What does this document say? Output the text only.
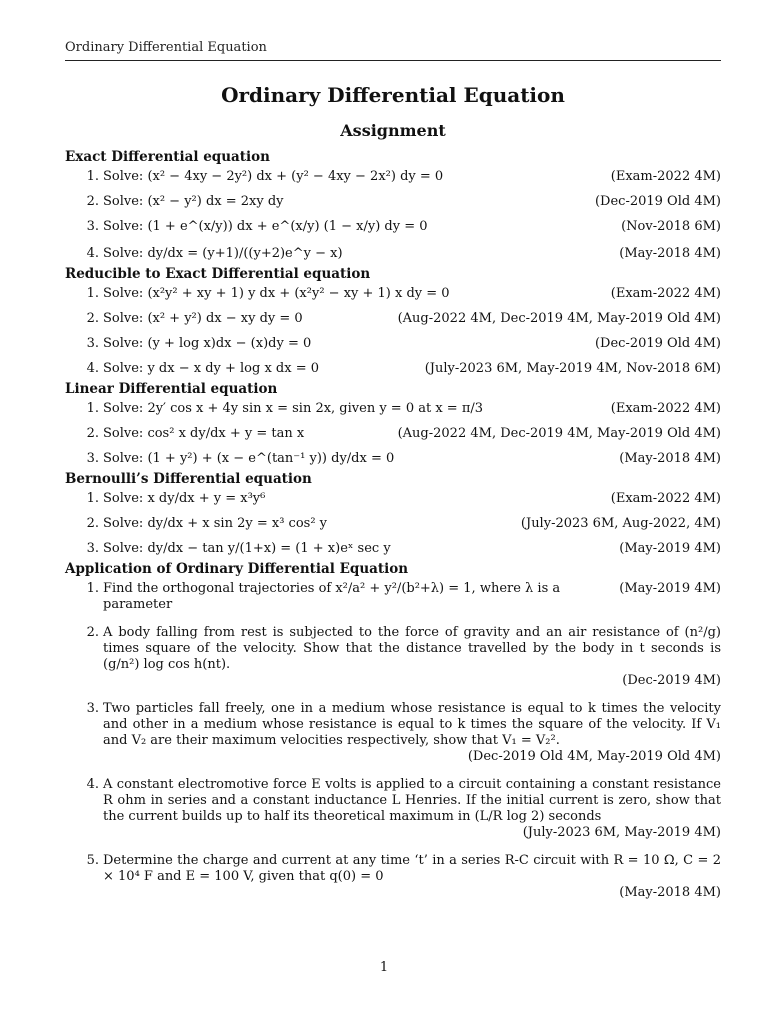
Ordinary Differential Equation
Ordinary Differential Equation
Assignment
Exact Differential equation
1. Solve: (x² − 4xy − 2y²) dx + (y² − 4xy − 2x²) dy = 0	(Exam-2022 4M)
2. Solve: (x² − y²) dx = 2xy dy	(Dec-2019 Old 4M)
3. Solve: (1 + e^(x/y)) dx + e^(x/y) (1 − x/y) dy = 0	(Nov-2018 6M)
4. Solve: dy/dx = (y+1)/((y+2)e^y − x)	(May-2018 4M)
Reducible to Exact Differential equation
1. Solve: (x²y² + xy + 1) y dx + (x²y² − xy + 1) x dy = 0	(Exam-2022 4M)
2. Solve: (x² + y²) dx − xy dy = 0	(Aug-2022 4M, Dec-2019 4M, May-2019 Old 4M)
3. Solve: (y + log x)dx − (x)dy = 0	(Dec-2019 Old 4M)
4. Solve: y dx − x dy + log x dx = 0	(July-2023 6M, May-2019 4M, Nov-2018 6M)
Linear Differential equation
1. Solve: 2y′ cos x + 4y sin x = sin 2x, given y = 0 at x = π/3	(Exam-2022 4M)
2. Solve: cos² x dy/dx + y = tan x	(Aug-2022 4M, Dec-2019 4M, May-2019 Old 4M)
3. Solve: (1 + y²) + (x − e^(tan⁻¹ y)) dy/dx = 0	(May-2018 4M)
Bernoulli’s Differential equation
1. Solve: x dy/dx + y = x³y⁶	(Exam-2022 4M)
2. Solve: dy/dx + x sin 2y = x³ cos² y	(July-2023 6M, Aug-2022, 4M)
3. Solve: dy/dx − tan y/(1+x) = (1 + x)eˣ sec y	(May-2019 4M)
Application of Ordinary Differential Equation
1. Find the orthogonal trajectories of x²/a² + y²/(b²+λ) = 1, where λ is a parameter
(May-2019 4M)
2. A body falling from rest is subjected to the force of gravity and an air resistance of (n²/g) times square of the velocity. Show that the distance travelled by the body in t seconds is (g/n²) log cos h(nt).
(Dec-2019 4M)
3. Two particles fall freely, one in a medium whose resistance is equal to k times the velocity and other in a medium whose resistance is equal to k times the square of the velocity. If V₁ and V₂ are their maximum velocities respectively, show that V₁ = V₂².
(Dec-2019 Old 4M, May-2019 Old 4M)
4. A constant electromotive force E volts is applied to a circuit containing a constant resistance R ohm in series and a constant inductance L Henries. If the initial current is zero, show that the current builds up to half its theoretical maximum in (L/R log 2) seconds
(July-2023 6M, May-2019 4M)
5. Determine the charge and current at any time ‘t’ in a series R-C circuit with R = 10 Ω, C = 2 × 10⁴ F and E = 100 V, given that q(0) = 0
(May-2018 4M)
1
